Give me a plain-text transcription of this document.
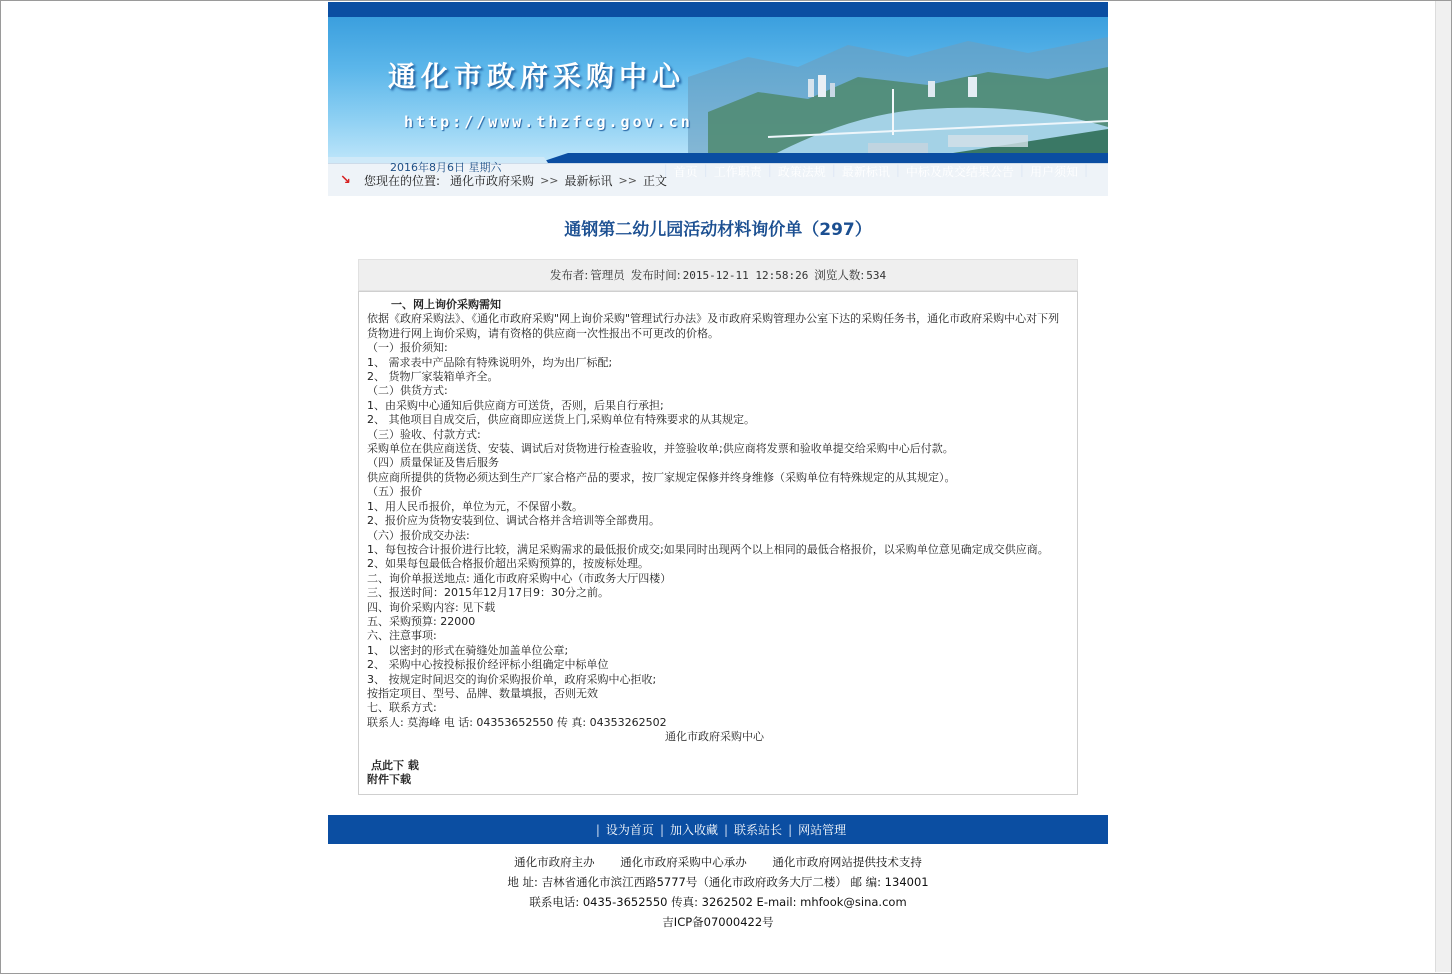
通化市政府采购中心
http://www.thzfcg.gov.cn
2016年8月6日 星期六	| 首页 | 工作职责 | 政策法规 | 最新标讯 | 中标及成交结果公告 | 用户须知 |
↘	您现在的位置: 通化市政府采购 >> 最新标讯 >> 正文
通钢第二幼儿园活动材料询价单（297）
发布者: 管理员 发布时间: 2015-12-11 12:58:26 浏览人数: 534
一、网上询价采购需知
依据《政府采购法》、《通化市政府采购"网上询价采购"管理试行办法》及市政府采购管理办公室下达的采购任务书，通化市政府采购中心对下列货物进行网上询价采购，请有资格的供应商一次性报出不可更改的价格。
（一）报价须知:
1、 需求表中产品除有特殊说明外，均为出厂标配;
2、 货物厂家装箱单齐全。
（二）供货方式:
1、由采购中心通知后供应商方可送货，否则，后果自行承担;
2、 其他项目自成交后，供应商即应送货上门,采购单位有特殊要求的从其规定。
（三）验收、付款方式:
采购单位在供应商送货、安装、调试后对货物进行检查验收，并签验收单;供应商将发票和验收单提交给采购中心后付款。
（四）质量保证及售后服务
供应商所提供的货物必须达到生产厂家合格产品的要求，按厂家规定保修并终身维修（采购单位有特殊规定的从其规定）。
（五）报价
1、用人民币报价，单位为元，不保留小数。
2、报价应为货物安装到位、调试合格并含培训等全部费用。
（六）报价成交办法:
1、每包按合计报价进行比较，满足采购需求的最低报价成交;如果同时出现两个以上相同的最低合格报价，以采购单位意见确定成交供应商。
2、如果每包最低合格报价超出采购预算的，按废标处理。
二、询价单报送地点: 通化市政府采购中心（市政务大厅四楼）
三、报送时间：2015年12月17日9：30分之前。
四、询价采购内容: 见下载
五、采购预算: 22000
六、注意事项:
1、 以密封的形式在骑缝处加盖单位公章;
2、 采购中心按投标报价经评标小组确定中标单位
3、 按规定时间迟交的询价采购报价单，政府采购中心拒收;
按指定项目、型号、品牌、数量填报，否则无效
七、联系方式:
联系人: 莫海峰 电 话: 04353652550 传 真: 04353262502
通化市政府采购中心
点此下 载
附件下载
| 设为首页 | 加入收藏 | 联系站长 | 网站管理
通化市政府主办 通化市政府采购中心承办 通化市政府网站提供技术支持
地 址: 吉林省通化市滨江西路5777号（通化市政府政务大厅二楼） 邮 编: 134001
联系电话: 0435-3652550 传真: 3262502 E-mail: mhfook@sina.com
吉ICP备07000422号
